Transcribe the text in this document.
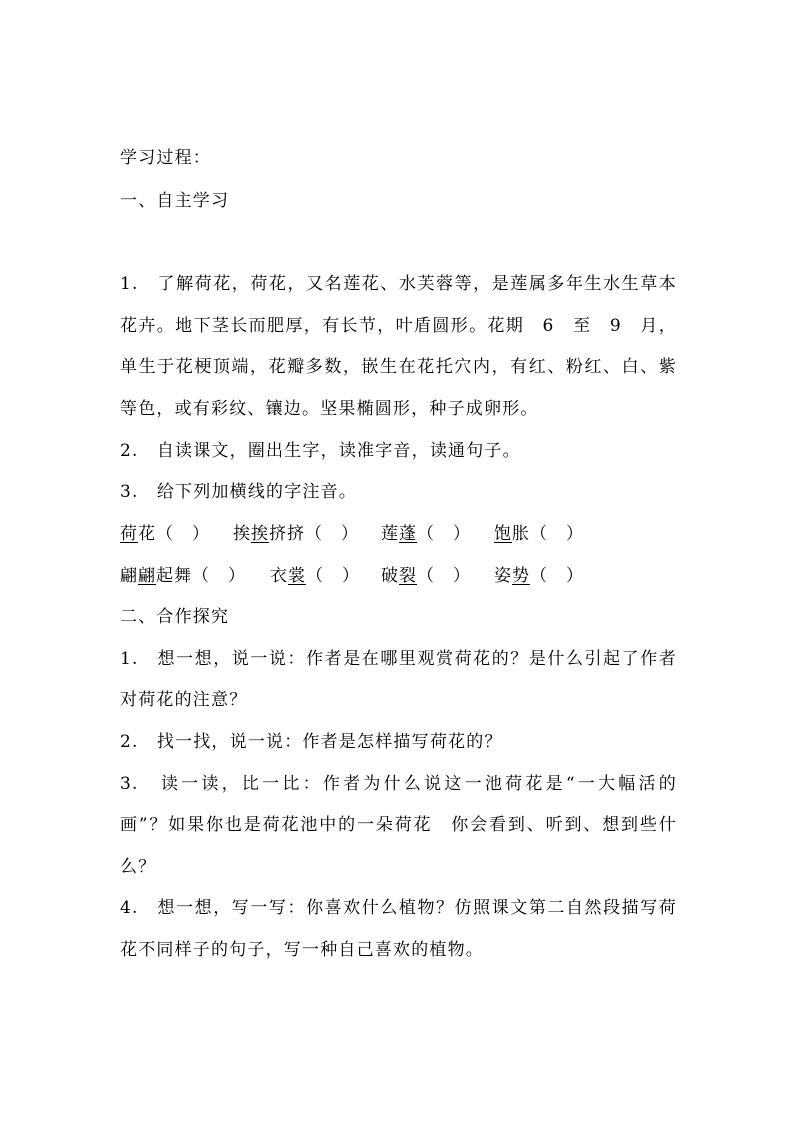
学习过程：
一、自主学习
1.　了解荷花，荷花，又名莲花、水芙蓉等，是莲属多年生水生草本
花卉。地下茎长而肥厚，有长节，叶盾圆形。花期　6　至　9　月，
单生于花梗顶端，花瓣多数，嵌生在花托穴内，有红、粉红、白、紫
等色，或有彩纹、镶边。坚果椭圆形，种子成卵形。
2.　自读课文，圈出生字，读准字音，读通句子。
3.　给下列加横线的字注音。
荷花（　） 挨挨挤挤（　） 莲蓬（　） 饱胀（　）
翩翩起舞（　） 衣裳（　） 破裂（　） 姿势（　）
二、合作探究
1.　想一想，说一说：作者是在哪里观赏荷花的？是什么引起了作者
对荷花的注意？
2.　找一找，说一说：作者是怎样描写荷花的？
3.　读一读，比一比：作者为什么说这一池荷花是“一大幅活的
画”？如果你也是荷花池中的一朵荷花　你会看到、听到、想到些什
么？
4.　想一想，写一写：你喜欢什么植物？仿照课文第二自然段描写荷
花不同样子的句子，写一种自己喜欢的植物。
